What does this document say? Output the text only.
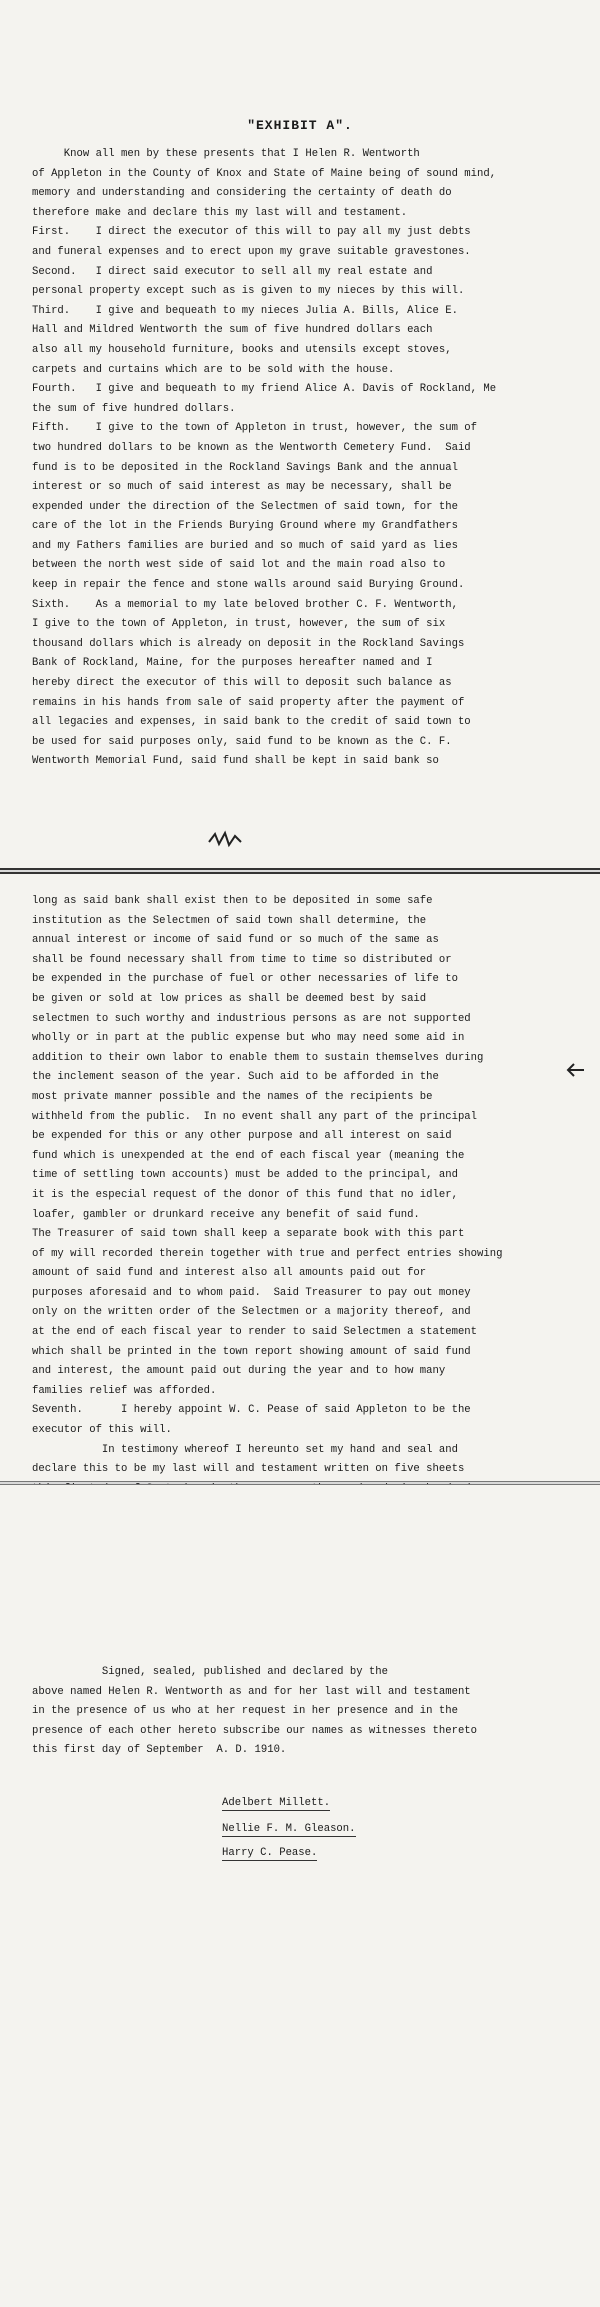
"EXHIBIT A".
Know all men by these presents that I Helen R. Wentworth
of Appleton in the County of Knox and State of Maine being of sound mind,
memory and understanding and considering the certainty of death do
therefore make and declare this my last will and testament.
First.    I direct the executor of this will to pay all my just debts
and funeral expenses and to erect upon my grave suitable gravestones.
Second.   I direct said executor to sell all my real estate and
personal property except such as is given to my nieces by this will.
Third.    I give and bequeath to my nieces Julia A. Bills, Alice E.
Hall and Mildred Wentworth the sum of five hundred dollars each
also all my household furniture, books and utensils except stoves,
carpets and curtains which are to be sold with the house.
Fourth.   I give and bequeath to my friend Alice A. Davis of Rockland, Me
the sum of five hundred dollars.
Fifth.    I give to the town of Appleton in trust, however, the sum of
two hundred dollars to be known as the Wentworth Cemetery Fund.  Said
fund is to be deposited in the Rockland Savings Bank and the annual
interest or so much of said interest as may be necessary, shall be
expended under the direction of the Selectmen of said town, for the
care of the lot in the Friends Burying Ground where my Grandfathers
and my Fathers families are buried and so much of said yard as lies
between the north west side of said lot and the main road also to
keep in repair the fence and stone walls around said Burying Ground.
Sixth.    As a memorial to my late beloved brother C. F. Wentworth,
I give to the town of Appleton, in trust, however, the sum of six
thousand dollars which is already on deposit in the Rockland Savings
Bank of Rockland, Maine, for the purposes hereafter named and I
hereby direct the executor of this will to deposit such balance as
remains in his hands from sale of said property after the payment of
all legacies and expenses, in said bank to the credit of said town to
be used for said purposes only, said fund to be known as the C. F.
Wentworth Memorial Fund, said fund shall be kept in said bank so
long as said bank shall exist then to be deposited in some safe
institution as the Selectmen of said town shall determine, the
annual interest or income of said fund or so much of the same as
shall be found necessary shall from time to time so distributed or
be expended in the purchase of fuel or other necessaries of life to
be given or sold at low prices as shall be deemed best by said
selectmen to such worthy and industrious persons as are not supported
wholly or in part at the public expense but who may need some aid in
addition to their own labor to enable them to sustain themselves during
the inclement season of the year. Such aid to be afforded in the
most private manner possible and the names of the recipients be
withheld from the public.  In no event shall any part of the principal
be expended for this or any other purpose and all interest on said
fund which is unexpended at the end of each fiscal year (meaning the
time of settling town accounts) must be added to the principal, and
it is the especial request of the donor of this fund that no idler,
loafer, gambler or drunkard receive any benefit of said fund.
The Treasurer of said town shall keep a separate book with this part
of my will recorded therein together with true and perfect entries showing
amount of said fund and interest also all amounts paid out for
purposes aforesaid and to whom paid.  Said Treasurer to pay out money
only on the written order of the Selectmen or a majority thereof, and
at the end of each fiscal year to render to said Selectmen a statement
which shall be printed in the town report showing amount of said fund
and interest, the amount paid out during the year and to how many
families relief was afforded.
Seventh.      I hereby appoint W. C. Pease of said Appleton to be the
executor of this will.
In testimony whereof I hereunto set my hand and seal and
declare this to be my last will and testament written on five sheets
Signed, sealed, published and declared by the
above named Helen R. Wentworth as and for her last will and testament
in the presence of us who at her request in her presence and in the
presence of each other hereto subscribe our names as witnesses thereto
this first day of September  A. D. 1910.
Adelbert Millett.
Nellie F. M. Gleason.
Harry C. Pease.
